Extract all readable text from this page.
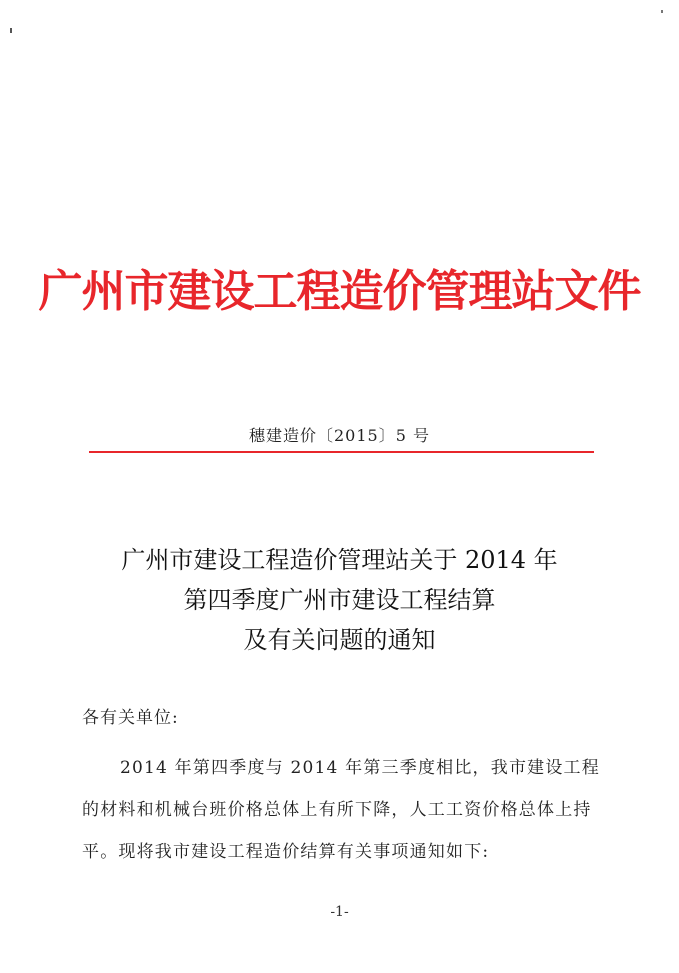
广州市建设工程造价管理站文件
穗建造价〔2015〕5 号
广州市建设工程造价管理站关于 2014 年
第四季度广州市建设工程结算
及有关问题的通知
各有关单位:
2014 年第四季度与 2014 年第三季度相比，我市建设工程的材料和机械台班价格总体上有所下降，人工工资价格总体上持平。现将我市建设工程造价结算有关事项通知如下:
-1-
